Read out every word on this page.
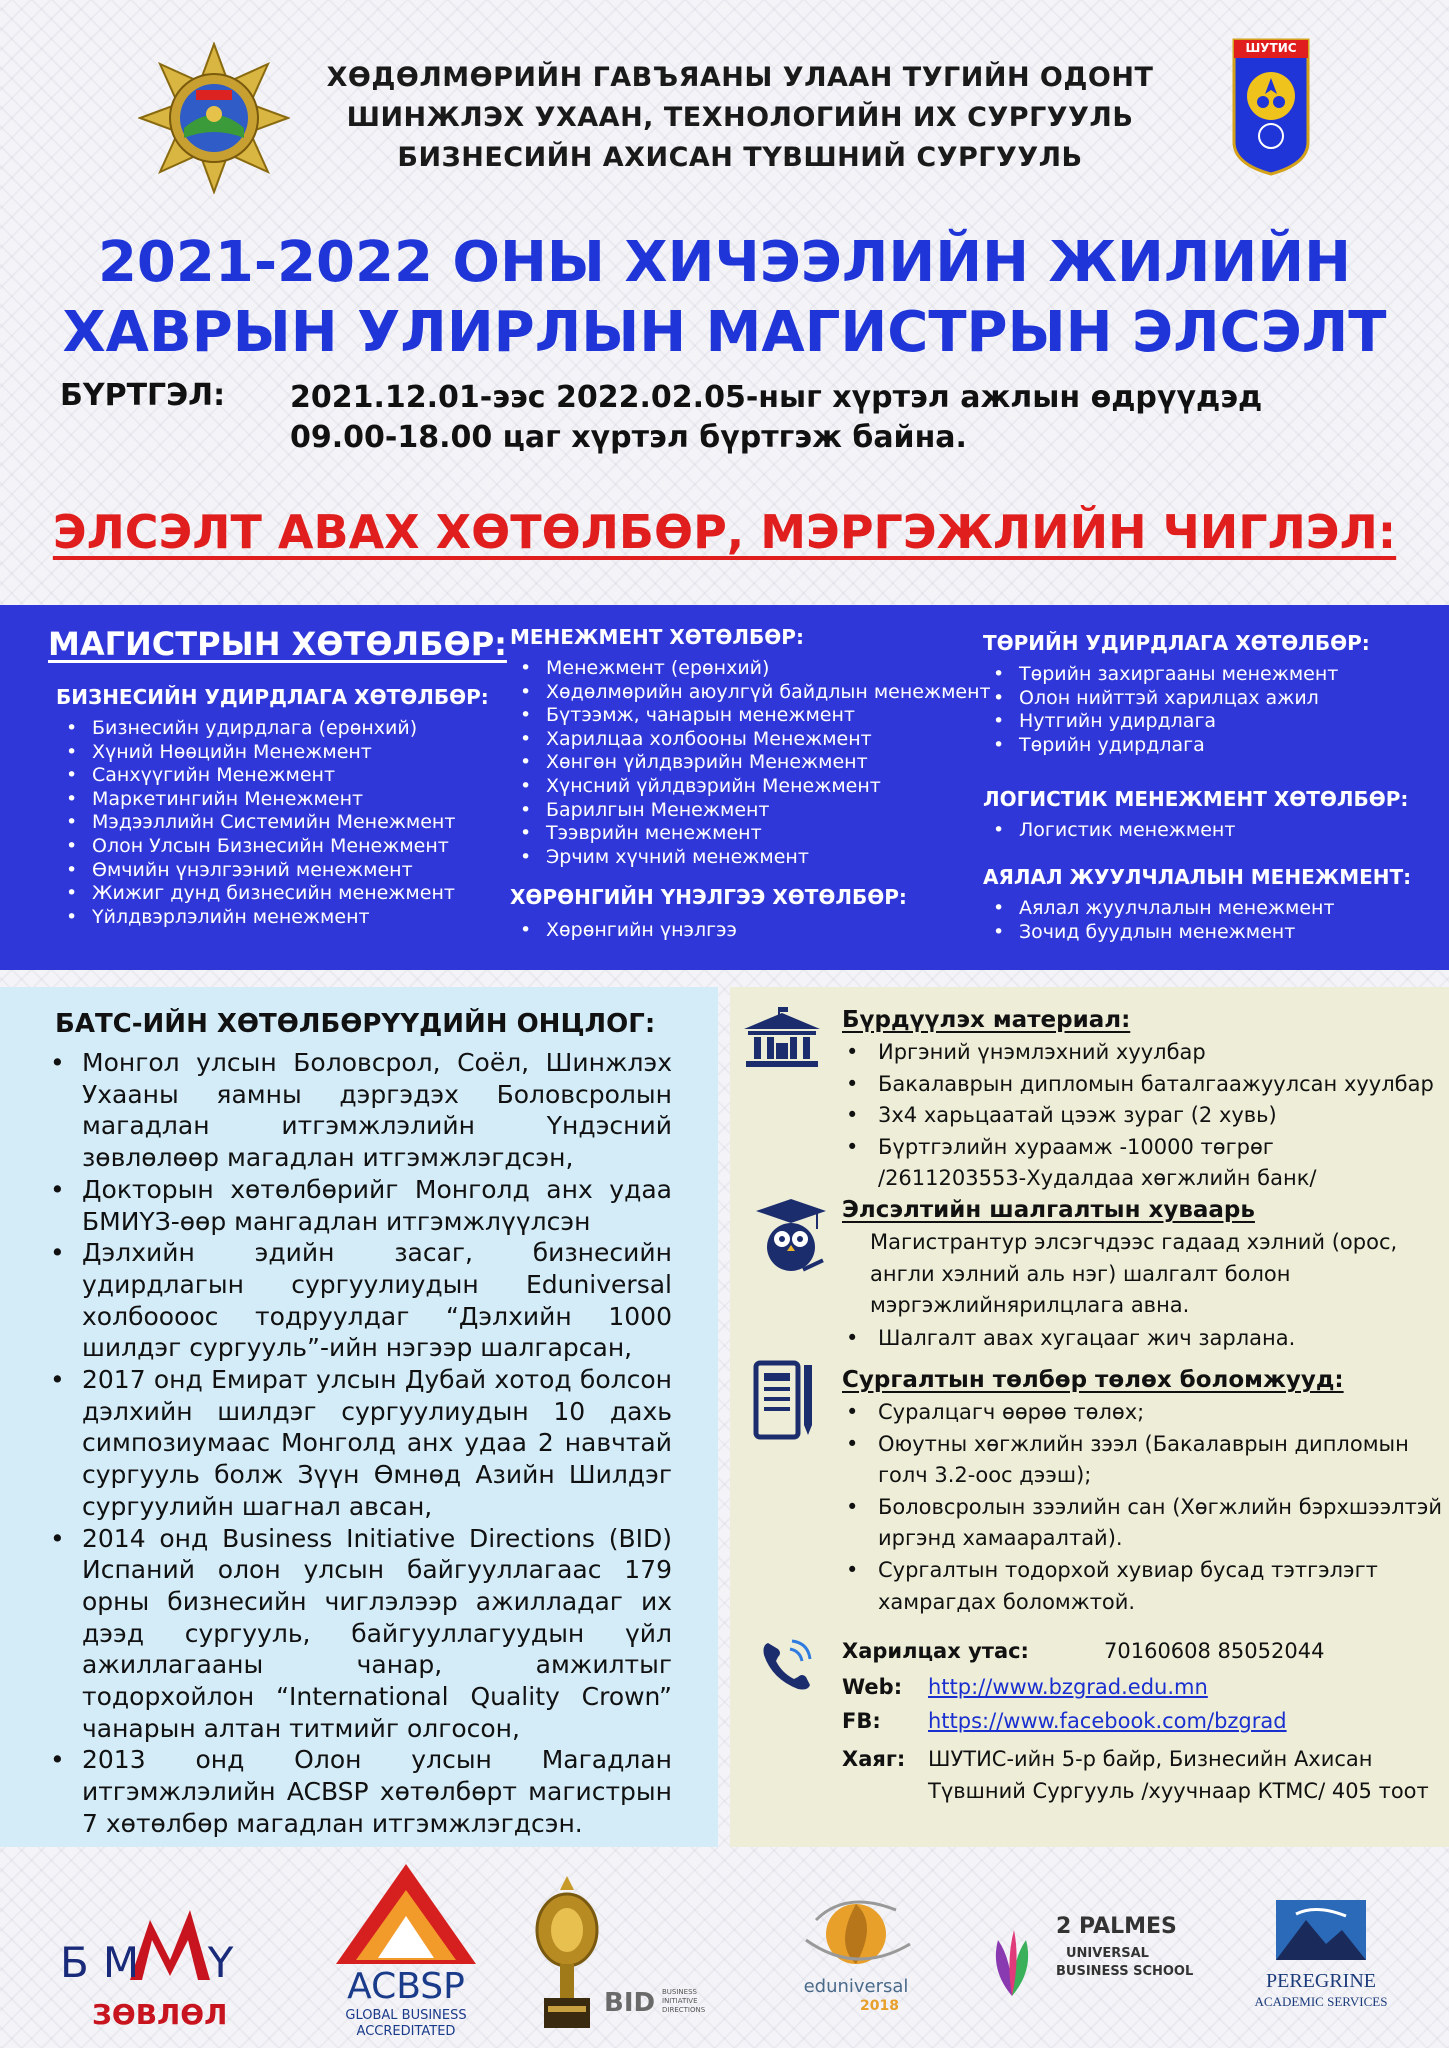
ХӨДӨЛМӨРИЙН ГАВЪЯАНЫ УЛААН ТУГИЙН ОДОНТ
ШИНЖЛЭХ УХААН, ТЕХНОЛОГИЙН ИХ СУРГУУЛЬ
БИЗНЕСИЙН АХИСАН ТҮВШНИЙ СУРГУУЛЬ
ШУТИС
2021-2022 ОНЫ ХИЧЭЭЛИЙН ЖИЛИЙН
ХАВРЫН УЛИРЛЫН МАГИСТРЫН ЭЛСЭЛТ
БҮРТГЭЛ: 2021.12.01-ээс 2022.02.05-ныг хүртэл ажлын өдрүүдэд
09.00-18.00 цаг хүртэл бүртгэж байна.
ЭЛСЭЛТ АВАХ ХӨТӨЛБӨР, МЭРГЭЖЛИЙН ЧИГЛЭЛ:
МАГИСТРЫН ХӨТӨЛБӨР:
БИЗНЕСИЙН УДИРДЛАГА ХӨТӨЛБӨР:
• Бизнесийн удирдлага (ерөнхий)
• Хүний Нөөцийн Менежмент
• Санхүүгийн Менежмент
• Маркетингийн Менежмент
• Мэдээллийн Системийн Менежмент
• Олон Улсын Бизнесийн Менежмент
• Өмчийн үнэлгээний менежмент
• Жижиг дунд бизнесийн менежмент
• Үйлдвэрлэлийн менежмент
МЕНЕЖМЕНТ ХӨТӨЛБӨР:
• Менежмент (ерөнхий)
• Хөдөлмөрийн аюулгүй байдлын менежмент
• Бүтээмж, чанарын менежмент
• Харилцаа холбооны Менежмент
• Хөнгөн үйлдвэрийн Менежмент
• Хүнсний үйлдвэрийн Менежмент
• Барилгын Менежмент
• Тээврийн менежмент
• Эрчим хүчний менежмент
ХӨРӨНГИЙН ҮНЭЛГЭЭ ХӨТӨЛБӨР:
• Хөрөнгийн үнэлгээ
ТӨРИЙН УДИРДЛАГА ХӨТӨЛБӨР:
• Төрийн захиргааны менежмент
• Олон нийттэй харилцах ажил
• Нутгийн удирдлага
• Төрийн удирдлага
ЛОГИСТИК МЕНЕЖМЕНТ ХӨТӨЛБӨР:
• Логистик менежмент
АЯЛАЛ ЖУУЛЧЛАЛЫН МЕНЕЖМЕНТ:
• Аялал жуулчлалын менежмент
• Зочид буудлын менежмент
БАТС-ИЙН ХӨТӨЛБӨРҮҮДИЙН ОНЦЛОГ:
• Монгол улсын Боловсрол, Соёл, Шинжлэх Ухааны яамны дэргэдэх Боловсролын магадлан итгэмжлэлийн Үндэсний зөвлөлөөр магадлан итгэмжлэгдсэн,
• Докторын хөтөлбөрийг Монголд анх удаа БМИҮЗ-өөр мангадлан итгэмжлүүлсэн
• Дэлхийн эдийн засаг, бизнесийн удирдлагын сургуулиудын Eduniversal холбоооос тодруулдаг “Дэлхийн 1000 шилдэг сургууль”-ийн нэгээр шалгарсан,
• 2017 онд Емират улсын Дубай хотод болсон дэлхийн шилдэг сургуулиудын 10 дахь симпозиумаас Монголд анх удаа 2 навчтай сургууль болж Зүүн Өмнөд Азийн Шилдэг сургуулийн шагнал авсан,
• 2014 онд Business Initiative Directions (BID) Испаний олон улсын байгууллагаас 179 орны бизнесийн чиглэлээр ажилладаг их дээд сургууль, байгууллагуудын үйл ажиллагааны чанар, амжилтыг тодорхойлон “International Quality Crown” чанарын алтан титмийг олгосон,
• 2013 онд Олон улсын Магадлан итгэмжлэлийн ACBSP хөтөлбөрт магистрын 7 хөтөлбөр магадлан итгэмжлэгдсэн.
Бүрдүүлэх материал:
• Иргэний үнэмлэхний хуулбар
• Бакалаврын дипломын баталгаажуулсан хуулбар
• 3х4 харьцаатай цээж зураг (2 хувь)
• Бүртгэлийн хураамж -10000 төгрөг
/2611203553-Худалдаа хөгжлийн банк/
Элсэлтийн шалгалтын хуваарь
Магистрантур элсэгчдээс гадаад хэлний (орос,
англи хэлний аль нэг) шалгалт болон
мэргэжлийнярилцлага авна.
• Шалгалт авах хугацааг жич зарлана.
Сургалтын төлбөр төлөх боломжууд:
• Суралцагч өөрөө төлөх;
• Оюутны хөгжлийн зээл (Бакалаврын дипломын
голч 3.2-оос дээш);
• Боловсролын зээлийн сан (Хөгжлийн бэрхшээлтэй
иргэнд хамааралтай).
• Сургалтын тодорхой хувиар бусад тэтгэлэгт
хамрагдах боломжтой.
Харилцах утас:	70160608 85052044
Web: http://www.bzgrad.edu.mn
FB: https://www.facebook.com/bzgrad
Хаяг: ШУТИС-ийн 5-р байр, Бизнесийн Ахисан
Түвшний Сургууль /хуучнаар КТМС/ 405 тоот
БМ  Y
ЗӨВЛӨЛ
ACBSP
GLOBAL BUSINESS
ACCREDITATED
BID BUSINESS INITIATIVE DIRECTIONS
eduniversal
2018
2 PALMES
UNIVERSAL
BUSINESS SCHOOL	PEREGRINE
ACADEMIC SERVICES
